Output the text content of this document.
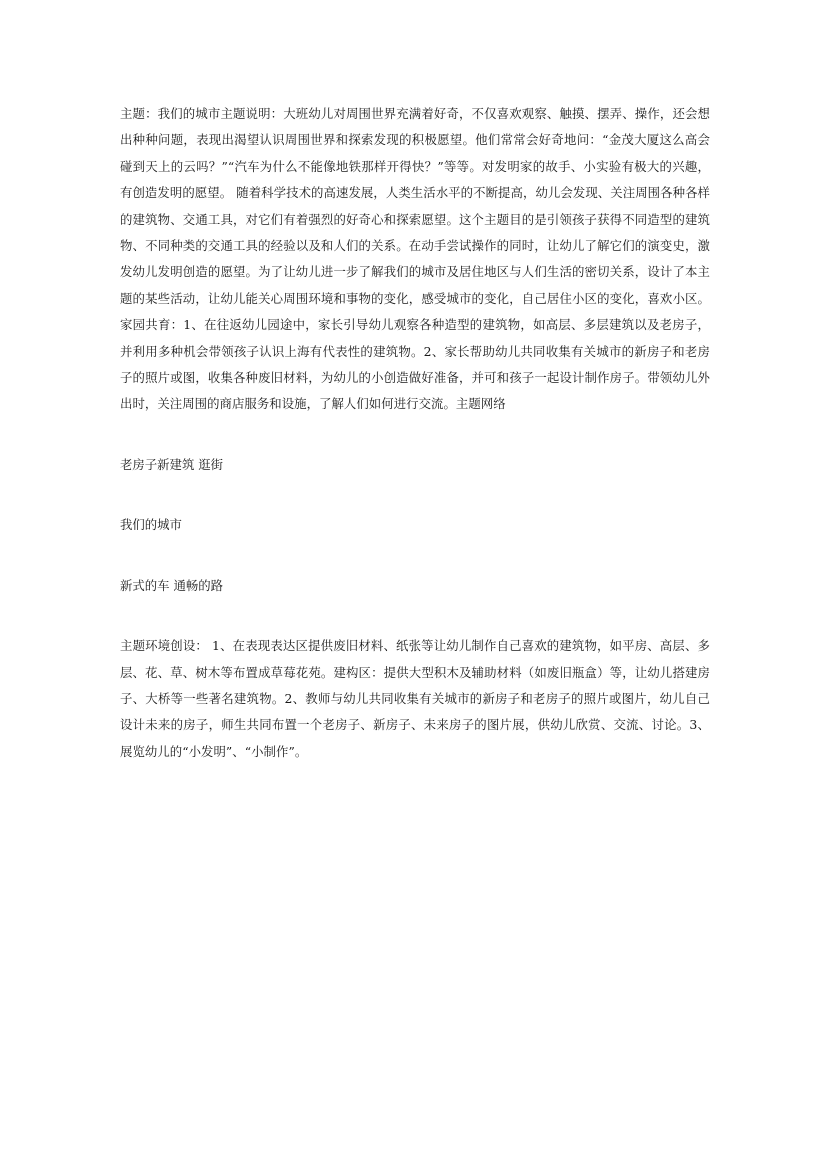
主题：我们的城市主题说明：大班幼儿对周围世界充满着好奇，不仅喜欢观察、触摸、摆弄、操作，还会想出种种问题，表现出渴望认识周围世界和探索发现的积极愿望。他们常常会好奇地问：“金茂大厦这么高会碰到天上的云吗？”“汽车为什么不能像地铁那样开得快？”等等。对发明家的故手、小实验有极大的兴趣，有创造发明的愿望。 随着科学技术的高速发展，人类生活水平的不断提高，幼儿会发现、关注周围各种各样的建筑物、交通工具，对它们有着强烈的好奇心和探索愿望。这个主题目的是引领孩子获得不同造型的建筑物、不同种类的交通工具的经验以及和人们的关系。在动手尝试操作的同时，让幼儿了解它们的演变史，激发幼儿发明创造的愿望。为了让幼儿进一步了解我们的城市及居住地区与人们生活的密切关系，设计了本主题的某些活动，让幼儿能关心周围环境和事物的变化，感受城市的变化，自己居住小区的变化，喜欢小区。家园共育：1、在往返幼儿园途中，家长引导幼儿观察各种造型的建筑物，如高层、多层建筑以及老房子，并利用多种机会带领孩子认识上海有代表性的建筑物。2、家长帮助幼儿共同收集有关城市的新房子和老房子的照片或图，收集各种废旧材料，为幼儿的小创造做好准备，并可和孩子一起设计制作房子。带领幼儿外出时，关注周围的商店服务和设施，了解人们如何进行交流。主题网络

老房子新建筑 逛街

我们的城市

新式的车 通畅的路

主题环境创设： 1、在表现表达区提供废旧材料、纸张等让幼儿制作自己喜欢的建筑物，如平房、高层、多层、花、草、树木等布置成草莓花苑。建构区：提供大型积木及辅助材料（如废旧瓶盒）等，让幼儿搭建房子、大桥等一些著名建筑物。2、教师与幼儿共同收集有关城市的新房子和老房子的照片或图片，幼儿自己设计未来的房子，师生共同布置一个老房子、新房子、未来房子的图片展，供幼儿欣赏、交流、讨论。3、展览幼儿的“小发明”、“小制作”。
